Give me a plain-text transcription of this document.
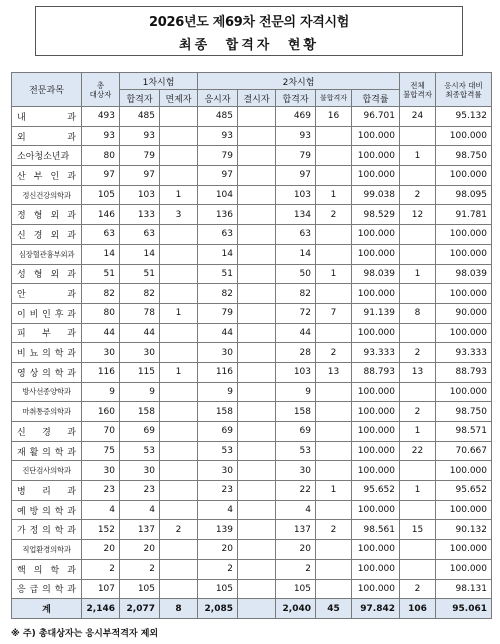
2026년도 제69차 전문의 자격시험
최종 합격자 현황
전문과목	총
대상자	1차시험		2차시험					전체
불합격자	응시자 대비
최종합격률
		합격자	면제자	응시자	결시자	합격자	불합격자	합격률		
내 과	493	485		485		469	16	96.701	24	95.132
외 과	93	93		93		93		100.000		100.000
소아청소년과	80	79		79		79		100.000	1	98.750
산 부 인 과	97	97		97		97		100.000		100.000
정신건강의학과	105	103	1	104		103	1	99.038	2	98.095
정 형 외 과	146	133	3	136		134	2	98.529	12	91.781
신 경 외 과	63	63		63		63		100.000		100.000
심장혈관흉부외과	14	14		14		14		100.000		100.000
성 형 외 과	51	51		51		50	1	98.039	1	98.039
안 과	82	82		82		82		100.000		100.000
이 비 인 후 과	80	78	1	79		72	7	91.139	8	90.000
피 부 과	44	44		44		44		100.000		100.000
비 뇨 의 학 과	30	30		30		28	2	93.333	2	93.333
영 상 의 학 과	116	115	1	116		103	13	88.793	13	88.793
방사선종양학과	9	9		9		9		100.000		100.000
마취통증의학과	160	158		158		158		100.000	2	98.750
신 경 과	70	69		69		69		100.000	1	98.571
재 활 의 학 과	75	53		53		53		100.000	22	70.667
진단검사의학과	30	30		30		30		100.000		100.000
병 리 과	23	23		23		22	1	95.652	1	95.652
예 방 의 학 과	4	4		4		4		100.000		100.000
가 정 의 학 과	152	137	2	139		137	2	98.561	15	90.132
직업환경의학과	20	20		20		20		100.000		100.000
핵 의 학 과	2	2		2		2		100.000		100.000
응 급 의 학 과	107	105		105		105		100.000	2	98.131
계	2,146	2,077	8	2,085		2,040	45	97.842	106	95.061
※ 주) 총대상자는 응시부적격자 제외
